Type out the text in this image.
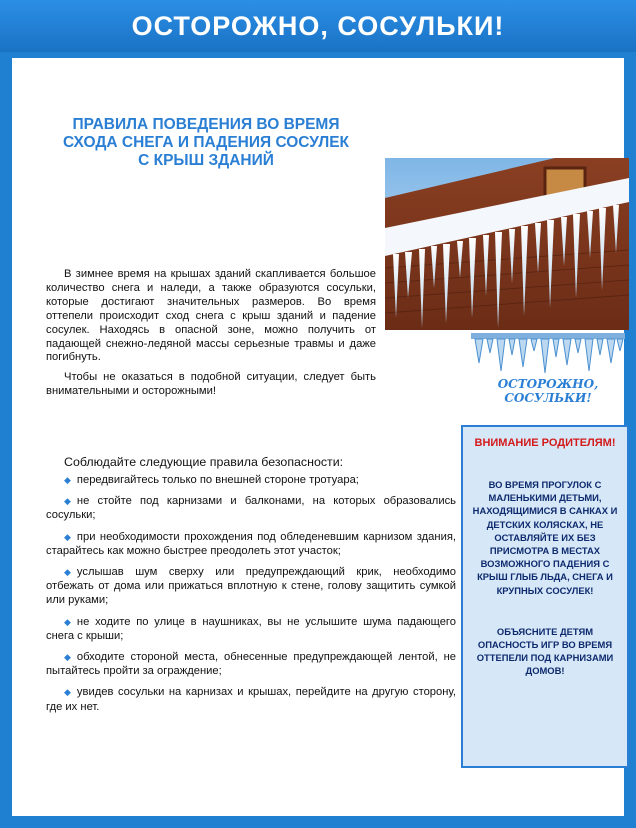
ОСТОРОЖНО, СОСУЛЬКИ!
ПРАВИЛА ПОВЕДЕНИЯ ВО ВРЕМЯ СХОДА СНЕГА И ПАДЕНИЯ СОСУЛЕК С КРЫШ ЗДАНИЙ

В зимнее время на крышах зданий скапливается большое количество снега и наледи, а также образуются сосульки, которые достигают значительных размеров. Во время оттепели происходит сход снега с крыш зданий и падение сосулек. Находясь в опасной зоне, можно получить от падающей снежно-ледяной массы серьезные травмы и даже погибнуть.

Чтобы не оказаться в подобной ситуации, следует быть внимательными и осторожными!

Соблюдайте следующие правила безопасности:
◆ передвигайтесь только по внешней стороне тротуара;
◆ не стойте под карнизами и балконами, на которых образовались сосульки;
◆ при необходимости прохождения под обледеневшим карнизом здания, старайтесь как можно быстрее преодолеть этот участок;
◆ услышав шум сверху или предупреждающий крик, необходимо отбежать от дома или прижаться вплотную к стене, голову защитить сумкой или руками;
◆ не ходите по улице в наушниках, вы не услышите шума падающего снега с крыши;
◆ обходите стороной места, обнесенные предупреждающей лентой, не пытайтесь пройти за ограждение;
◆ увидев сосульки на карнизах и крышах, перейдите на другую сторону, где их нет.
ОСТОРОЖНО, СОСУЛЬКИ!
ВНИМАНИЕ РОДИТЕЛЯМ!
ВО ВРЕМЯ ПРОГУЛОК С МАЛЕНЬКИМИ ДЕТЬМИ, НАХОДЯЩИМИСЯ В САНКАХ И ДЕТСКИХ КОЛЯСКАХ, НЕ ОСТАВЛЯЙТЕ ИХ БЕЗ ПРИСМОТРА В МЕСТАХ ВОЗМОЖНОГО ПАДЕНИЯ С КРЫШ ГЛЫБ ЛЬДА, СНЕГА И КРУПНЫХ СОСУЛЕК!
ОБЪЯСНИТЕ ДЕТЯМ ОПАСНОСТЬ ИГР ВО ВРЕМЯ ОТТЕПЕЛИ ПОД КАРНИЗАМИ ДОМОВ!
